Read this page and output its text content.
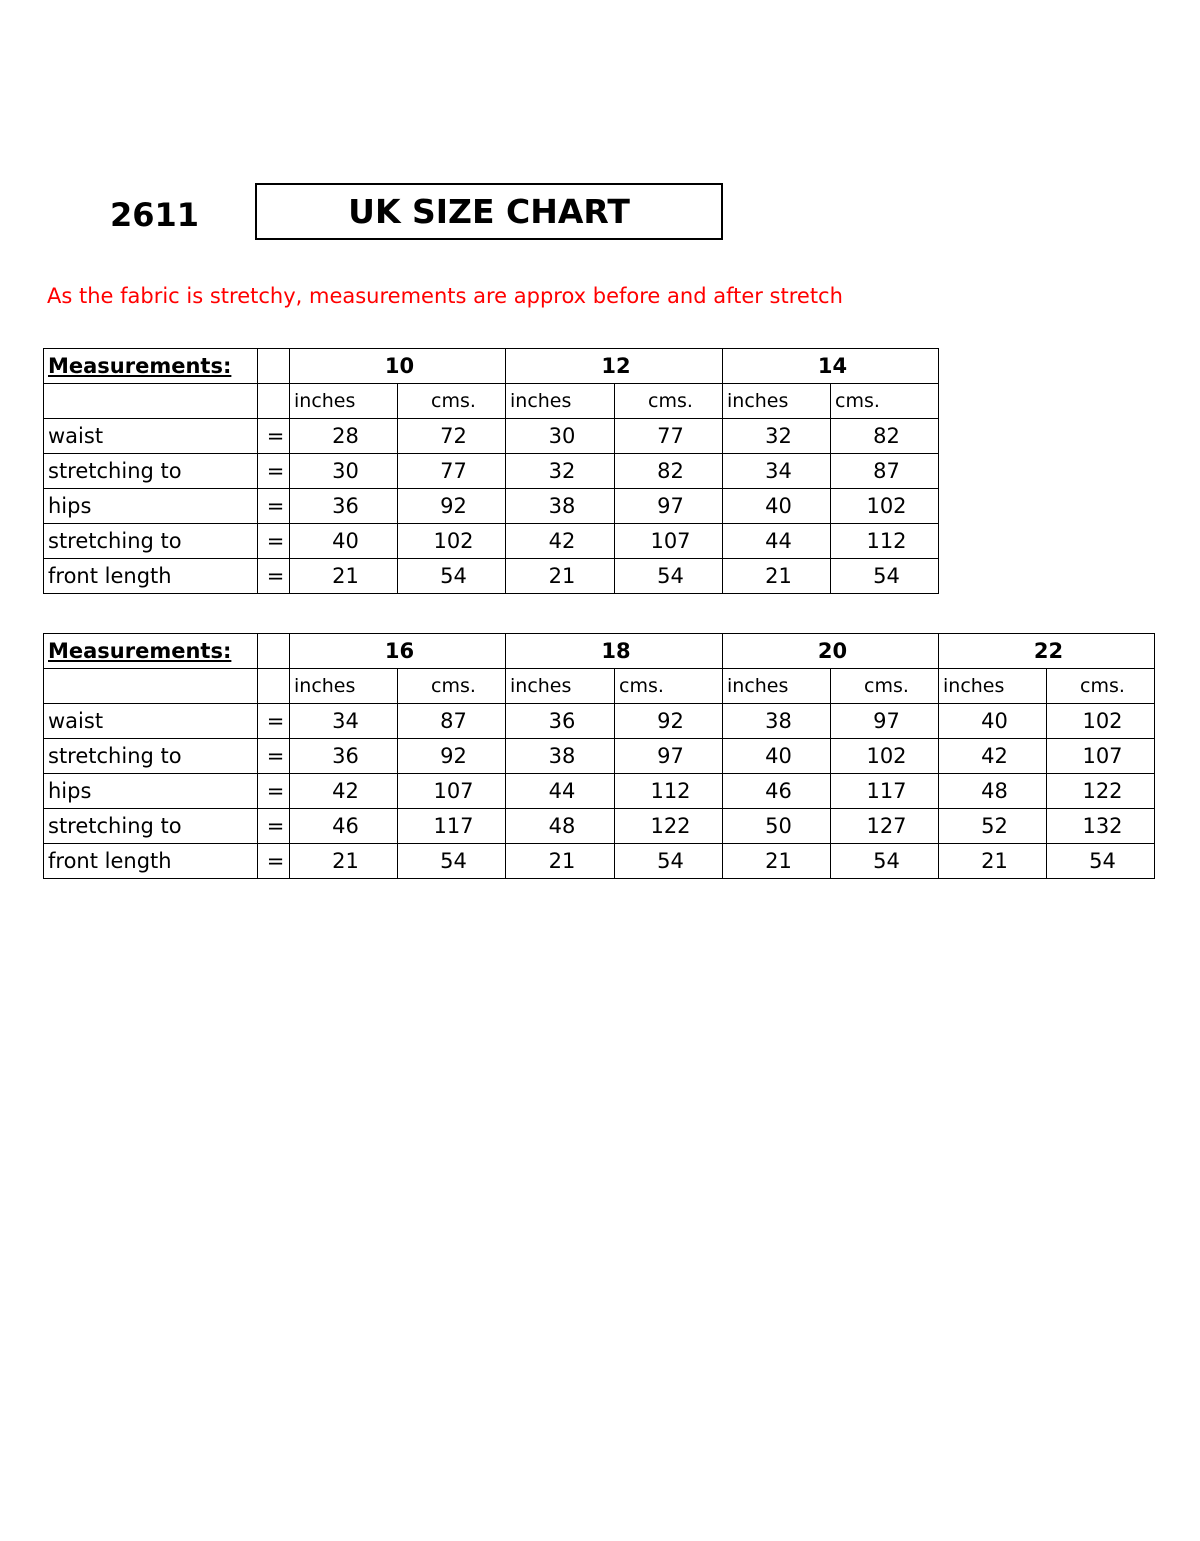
2611	UK SIZE CHART
As the fabric is stretchy, measurements are approx before and after stretch
Measurements:		10		12		14	
		inches	cms.	inches	cms.	inches	cms.
waist	=	28	72	30	77	32	82
stretching to	=	30	77	32	82	34	87
hips	=	36	92	38	97	40	102
stretching to	=	40	102	42	107	44	112
front length	=	21	54	21	54	21	54
Measurements:		16		18		20		22	
		inches	cms.	inches	cms.	inches	cms.	inches	cms.
waist	=	34	87	36	92	38	97	40	102
stretching to	=	36	92	38	97	40	102	42	107
hips	=	42	107	44	112	46	117	48	122
stretching to	=	46	117	48	122	50	127	52	132
front length	=	21	54	21	54	21	54	21	54
